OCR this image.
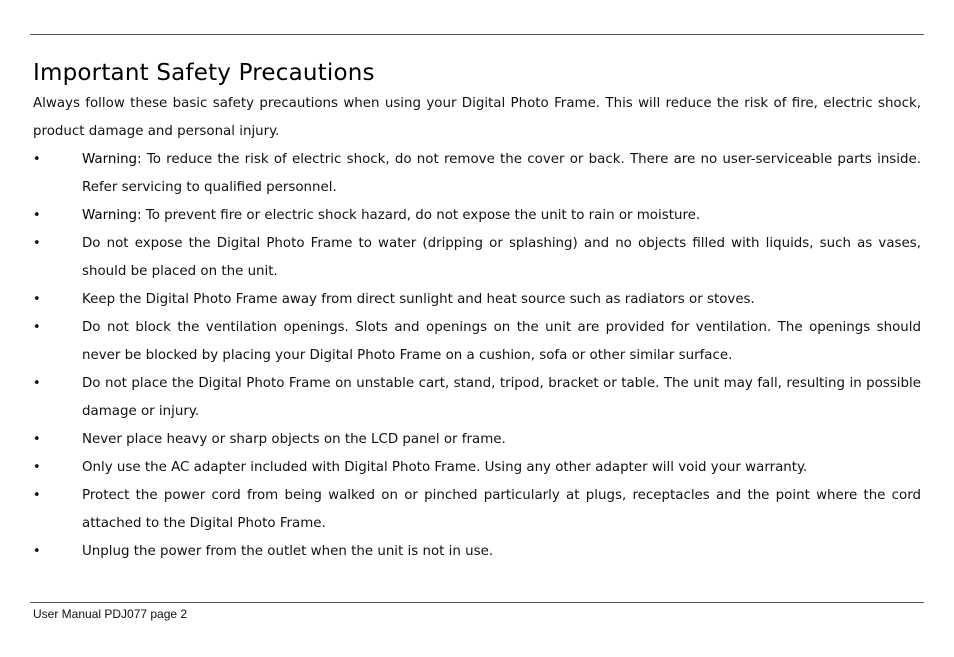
Important Safety Precautions

Always follow these basic safety precautions when using your Digital Photo Frame. This will reduce the risk of fire, electric shock, product damage and personal injury.

•	Warning: To reduce the risk of electric shock, do not remove the cover or back. There are no user-serviceable parts inside. Refer servicing to qualified personnel.
•	Warning: To prevent fire or electric shock hazard, do not expose the unit to rain or moisture.
•	Do not expose the Digital Photo Frame to water (dripping or splashing) and no objects filled with liquids, such as vases, should be placed on the unit.
•	Keep the Digital Photo Frame away from direct sunlight and heat source such as radiators or stoves.
•	Do not block the ventilation openings. Slots and openings on the unit are provided for ventilation. The openings should never be blocked by placing your Digital Photo Frame on a cushion, sofa or other similar surface.
•	Do not place the Digital Photo Frame on unstable cart, stand, tripod, bracket or table. The unit may fall, resulting in possible damage or injury.
•	Never place heavy or sharp objects on the LCD panel or frame.
•	Only use the AC adapter included with Digital Photo Frame. Using any other adapter will void your warranty.
•	Protect the power cord from being walked on or pinched particularly at plugs, receptacles and the point where the cord attached to the Digital Photo Frame.
•	Unplug the power from the outlet when the unit is not in use.
User Manual PDJ077 page 2
